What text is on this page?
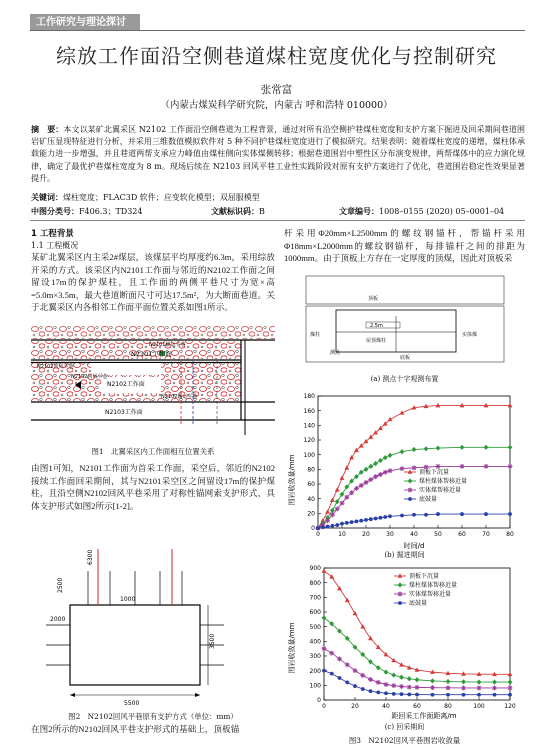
工作研究与理论探讨
综放工作面沿空侧巷道煤柱宽度优化与控制研究
张常富
（内蒙古煤炭科学研究院，内蒙古 呼和浩特 010000）
摘　要：本文以某矿北翼采区 N2102 工作面沿空侧巷道为工程背景，通过对所有沿空侧护巷煤柱宽度和支护方案下掘进及回采期间巷道围岩矿压显现特征进行分析，并采用三维数值模拟软件对 5 种不同护巷煤柱宽度进行了模拟研究。结果表明：随着煤柱宽度的递增，煤柱体承载能力进一步增强，并且巷道两帮支承应力峰值由煤柱侧向实体煤侧转移；根据巷道围岩中塑性区分布演变规律，两帮煤体中的应力演化规律，确定了最优护巷煤柱宽度为 8 m。现场后续在 N2103 回风平巷工业性实践阶段对原有支护方案进行了优化，巷道围岩稳定性效果显著提升。
关键词：煤柱宽度；FLAC3D 软件；应变软化模型；双屈服模型
中图分类号：F406.3；TD324	文献标识码：B	文章编号：1008–0155 (2020) 05–0001–04
1 工程背景
1.1 工程概况
某矿北翼采区内主采2#煤层，该煤层平均厚度约6.3m，采用综放开采的方式。该采区内N2101工作面与邻近的N2102工作面之间留设17m的保护煤柱，且工作面的两侧平巷尺寸为宽×高=5.0m×3.5m，最大巷道断面尺寸可达17.5m²，为大断面巷道。关于北翼采区内各相邻工作面平面位置关系如图1所示。
N2101辅运平巷
N2101工作面
N2101回风平巷
N2102回风平巷
N2102工作面
N2102辅运平巷
N2103工作面
图1　北翼采区内工作面相互位置关系
由图1可知，N2101工作面为首采工作面，采空后，邻近的N2102接续工作面回采期间，其与N2101采空区之间留设17m的保护煤柱，且沿空侧N2102回风平巷采用了对称性锚网索支护形式，具体支护形式如图2所示[1-2]。
5500
3500
6300
2500
2000
1000
图2　N2102回风平巷原有支护方式（单位：mm）
在图2所示的N2102回风平巷支护形式的基础上，顶板锚
杆采用Φ20mm×L2500mm的螺纹钢锚杆，帮锚杆采用Φ18mm×L2000mm的螺纹钢锚杆，每排锚杆之间的排距为1000mm。由于顶板上方存在一定厚度的顶煤，因此对顶板采
2.5m
顶板
煤柱	实体煤
屋顶煤柱
测点
底板
(a) 测点十字观测布置
围岩收敛量/mm
时间/d
0
20
40
60
80
100
120
140
160
180
0	10	20	30	40	50	60	70	80
顶板下沉量
煤柱煤体帮移近量
实体煤帮移近量
底鼓量
(b) 掘进期间
围岩收敛量/mm
距回采工作面距离/m
0
100
200
300
400
500
600
700
800
900
0	20	40	60	80	100	120
顶板下沉量
煤柱煤体帮移近量
实体煤帮移近量
底鼓量
(c) 回采期间
图3　N2102回风平巷围岩收敛量
